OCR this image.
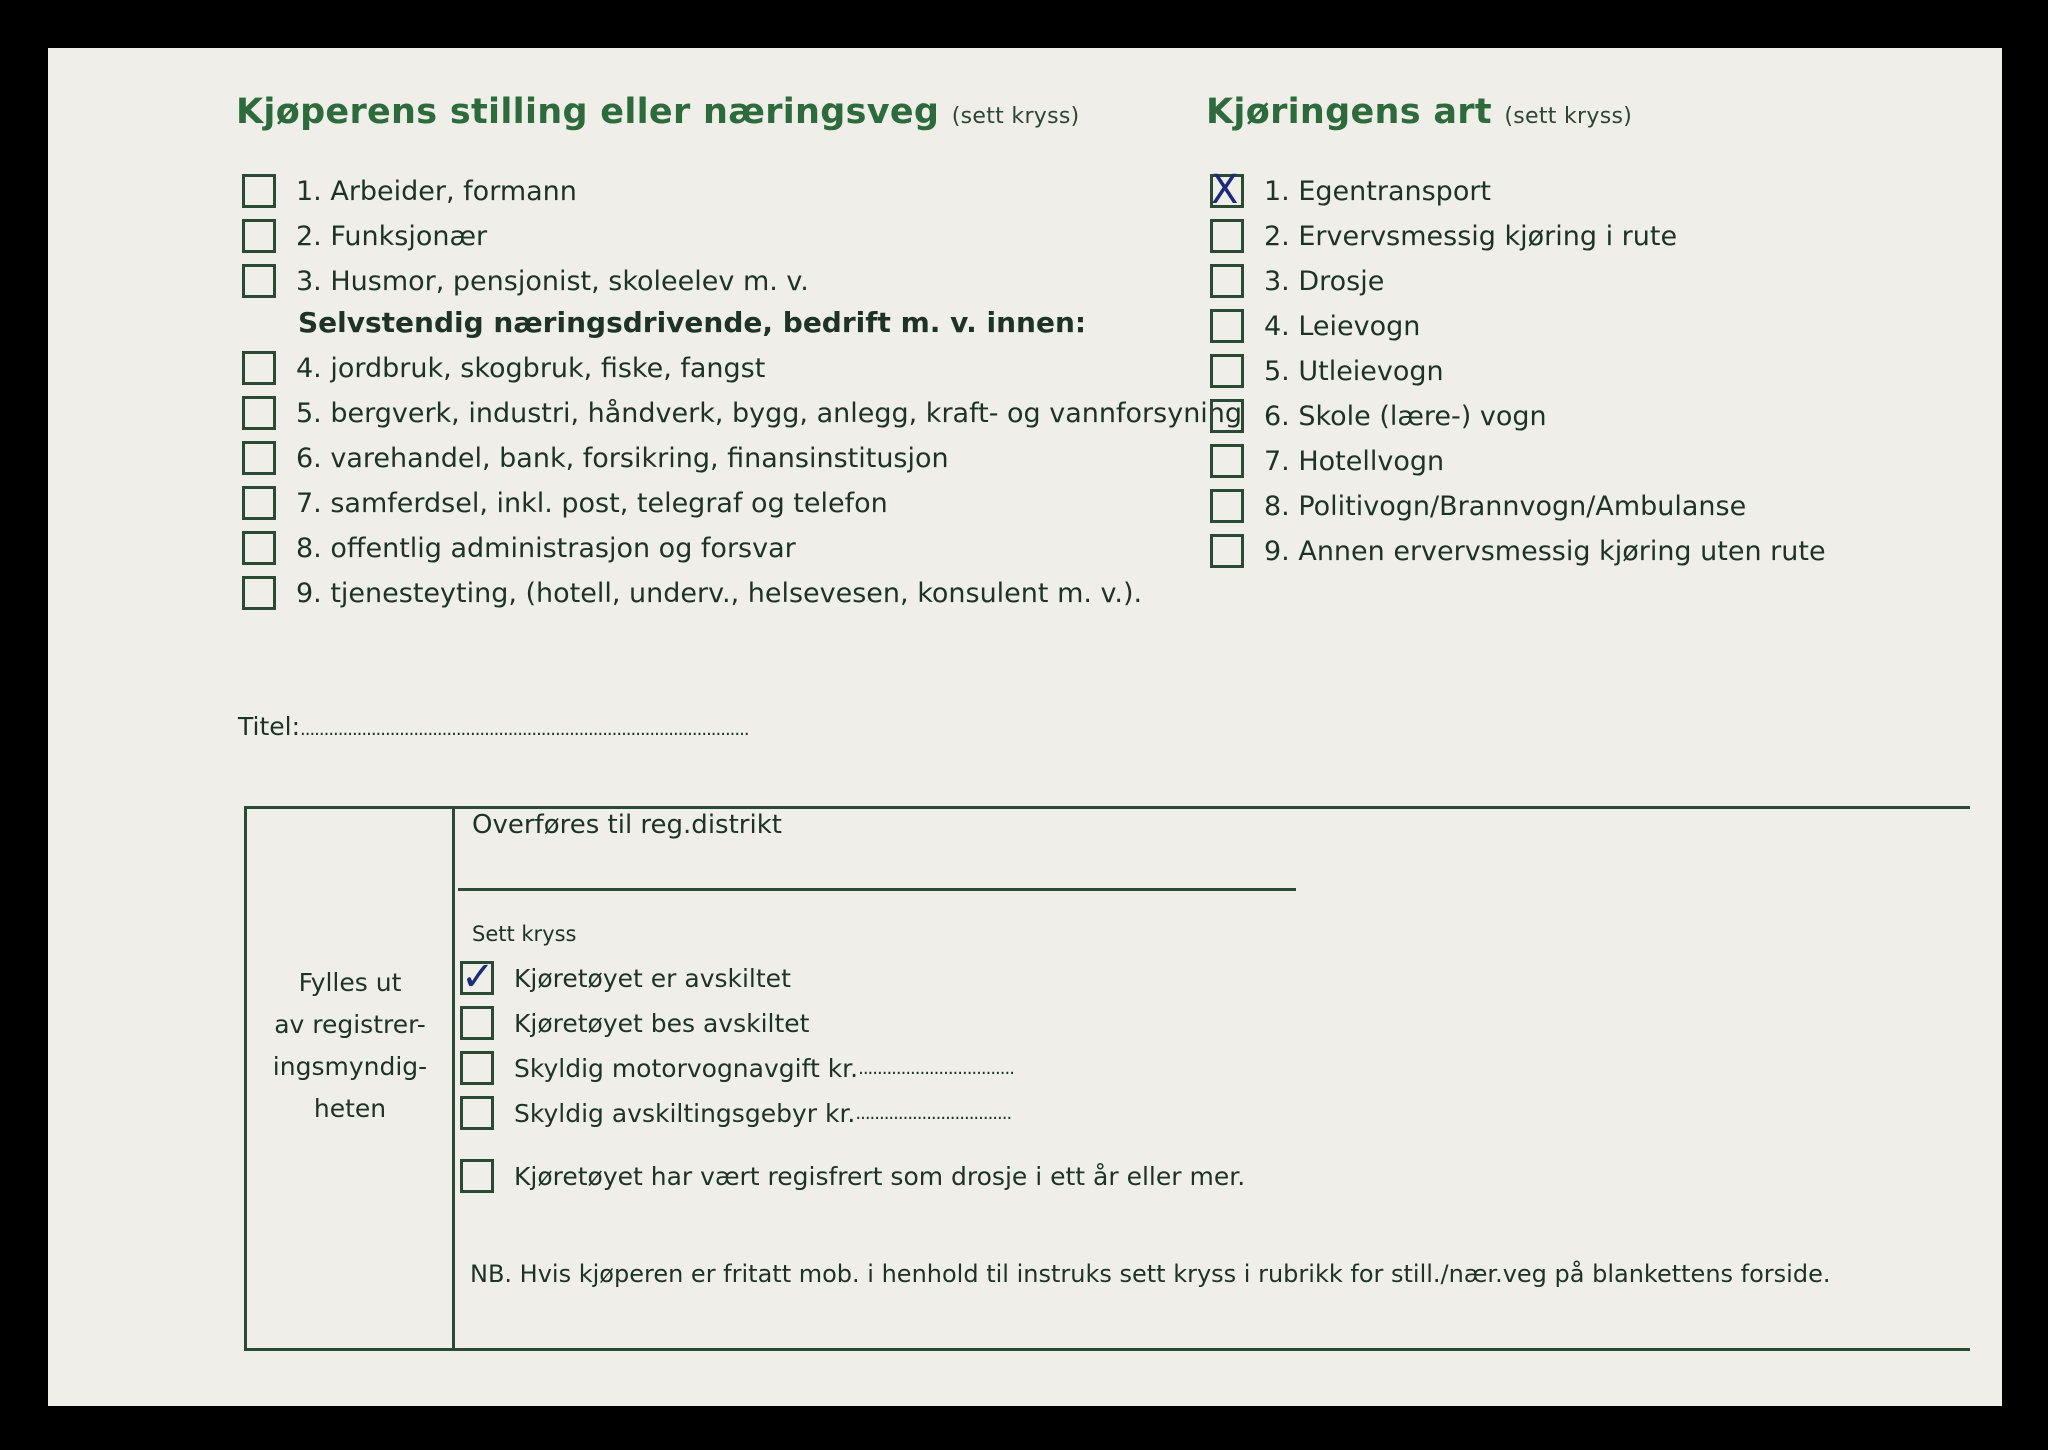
Kjøperens stilling eller næringsveg (sett kryss)
1. Arbeider, formann
2. Funksjonær
3. Husmor, pensjonist, skoleelev m. v.
Selvstendig næringsdrivende, bedrift m. v. innen:
4. jordbruk, skogbruk, fiske, fangst
5. bergverk, industri, håndverk, bygg, anlegg, kraft- og vannforsyning
6. varehandel, bank, forsikring, finansinstitusjon
7. samferdsel, inkl. post, telegraf og telefon
8. offentlig administrasjon og forsvar
9. tjenesteyting, (hotell, underv., helsevesen, konsulent m. v.).
Kjøringens art (sett kryss)
X 1. Egentransport
2. Ervervsmessig kjøring i rute
3. Drosje
4. Leievogn
5. Utleievogn
6. Skole (lære-) vogn
7. Hotellvogn
8. Politivogn/Brannvogn/Ambulanse
9. Annen ervervsmessig kjøring uten rute
Titel:...............................................................................................
Fylles ut
av registrer-
ingsmyndig-
heten
Overføres til reg.distrikt
Sett kryss
✓ Kjøretøyet er avskiltet
Kjøretøyet bes avskiltet
Skyldig motorvognavgift kr. .................................
Skyldig avskiltingsgebyr kr. .................................
Kjøretøyet har vært regisfrert som drosje i ett år eller mer.
NB. Hvis kjøperen er fritatt mob. i henhold til instruks sett kryss i rubrikk for still./nær.veg på blankettens forside.
